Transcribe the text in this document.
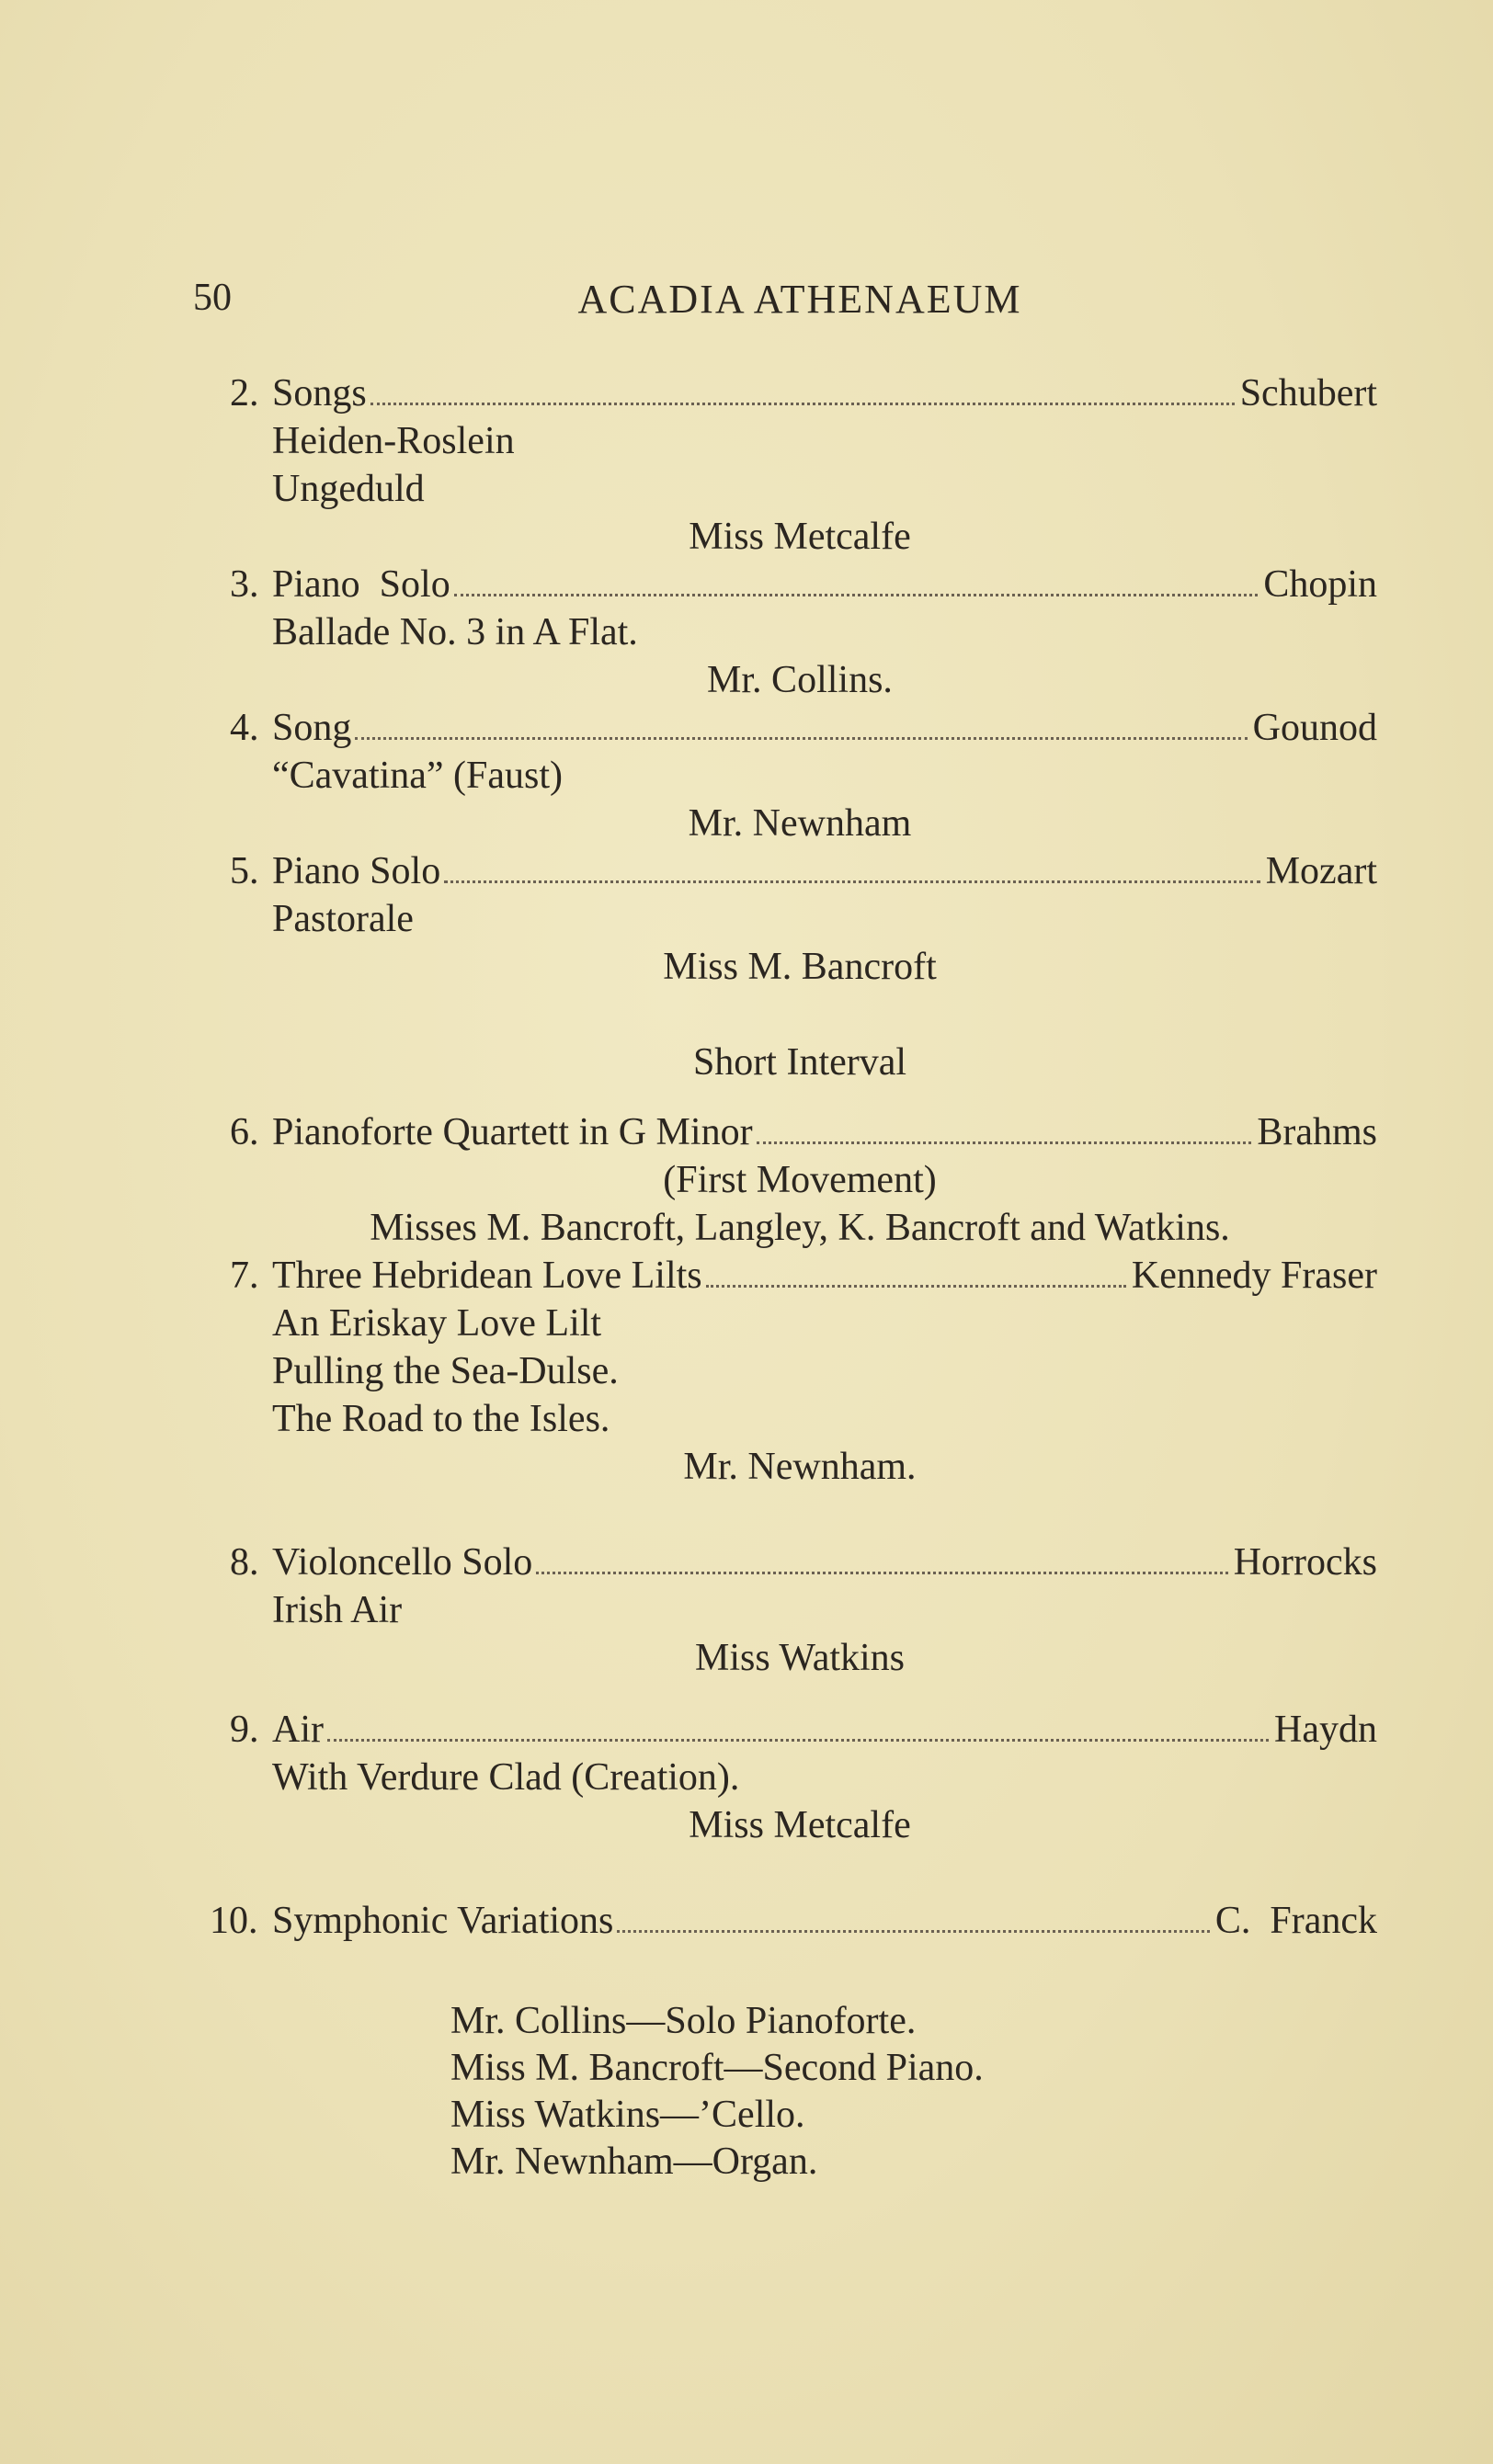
50	ACADIA ATHENAEUM
2. Songs	Schubert
Heiden-Roslein
Ungeduld
Miss Metcalfe
3. Piano  Solo	Chopin
Ballade No. 3 in A Flat.
Mr. Collins.
4. Song	Gounod
“Cavatina” (Faust)
Mr. Newnham
5. Piano Solo	Mozart
Pastorale
Miss M. Bancroft
Short Interval
6. Pianoforte Quartett in G Minor	Brahms
(First Movement)
Misses M. Bancroft, Langley, K. Bancroft and Watkins.
7. Three Hebridean Love Lilts	Kennedy Fraser
An Eriskay Love Lilt
Pulling the Sea-Dulse.
The Road to the Isles.
Mr. Newnham.
8. Violoncello Solo	Horrocks
Irish Air
Miss Watkins
9. Air	Haydn
With Verdure Clad (Creation).
Miss Metcalfe
10. Symphonic Variations	C.  Franck
Mr. Collins—Solo Pianoforte.
Miss M. Bancroft—Second Piano.
Miss Watkins—’Cello.
Mr. Newnham—Organ.
